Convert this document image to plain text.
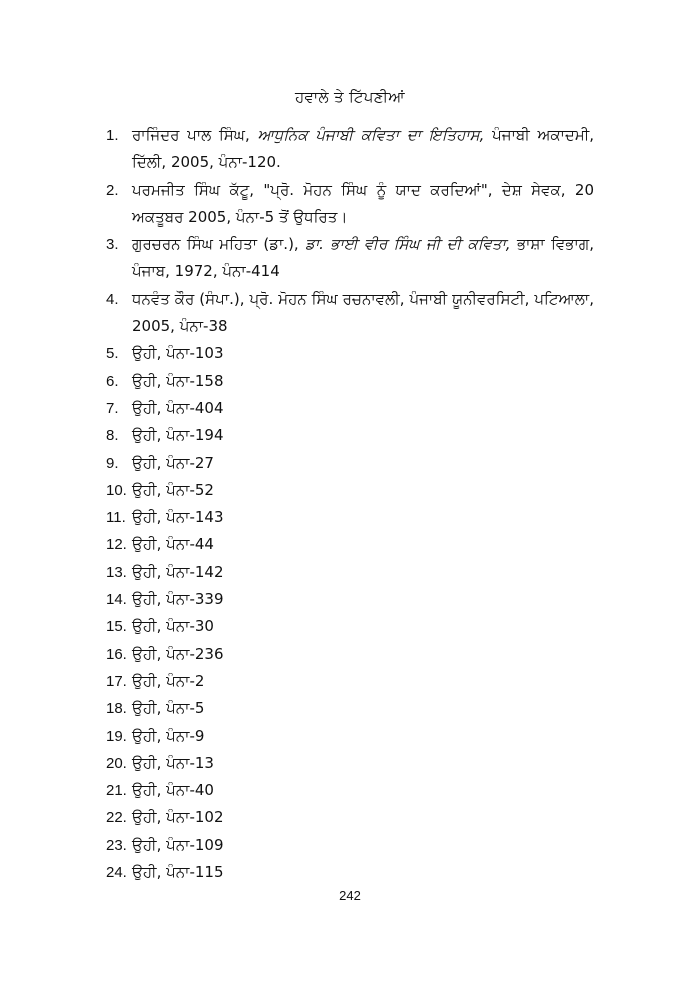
ਹਵਾਲੇ ਤੇ ਟਿੱਪਣੀਆਂ
1. ਰਾਜਿੰਦਰ ਪਾਲ ਸਿੰਘ, ਆਧੁਨਿਕ ਪੰਜਾਬੀ ਕਵਿਤਾ ਦਾ ਇਤਿਹਾਸ, ਪੰਜਾਬੀ ਅਕਾਦਮੀ, ਦਿੱਲੀ, 2005, ਪੰਨਾ-120.
2. ਪਰਮਜੀਤ ਸਿੰਘ ਕੱਟੂ, "ਪ੍ਰੋ. ਮੋਹਨ ਸਿੰਘ ਨੂੰ ਯਾਦ ਕਰਦਿਆਂ", ਦੇਸ਼ ਸੇਵਕ, 20 ਅਕਤੂਬਰ 2005, ਪੰਨਾ-5 ਤੋਂ ਉਧਰਿਤ।
3. ਗੁਰਚਰਨ ਸਿੰਘ ਮਹਿਤਾ (ਡਾ.), ਡਾ. ਭਾਈ ਵੀਰ ਸਿੰਘ ਜੀ ਦੀ ਕਵਿਤਾ, ਭਾਸ਼ਾ ਵਿਭਾਗ, ਪੰਜਾਬ, 1972, ਪੰਨਾ-414
4. ਧਨਵੰਤ ਕੌਰ (ਸੰਪਾ.), ਪ੍ਰੋ. ਮੋਹਨ ਸਿੰਘ ਰਚਨਾਵਲੀ, ਪੰਜਾਬੀ ਯੂਨੀਵਰਸਿਟੀ, ਪਟਿਆਲਾ, 2005, ਪੰਨਾ-38
5. ਉਹੀ, ਪੰਨਾ-103
6. ਉਹੀ, ਪੰਨਾ-158
7. ਉਹੀ, ਪੰਨਾ-404
8. ਉਹੀ, ਪੰਨਾ-194
9. ਉਹੀ, ਪੰਨਾ-27
10. ਉਹੀ, ਪੰਨਾ-52
11. ਉਹੀ, ਪੰਨਾ-143
12. ਉਹੀ, ਪੰਨਾ-44
13. ਉਹੀ, ਪੰਨਾ-142
14. ਉਹੀ, ਪੰਨਾ-339
15. ਉਹੀ, ਪੰਨਾ-30
16. ਉਹੀ, ਪੰਨਾ-236
17. ਉਹੀ, ਪੰਨਾ-2
18. ਉਹੀ, ਪੰਨਾ-5
19. ਉਹੀ, ਪੰਨਾ-9
20. ਉਹੀ, ਪੰਨਾ-13
21. ਉਹੀ, ਪੰਨਾ-40
22. ਉਹੀ, ਪੰਨਾ-102
23. ਉਹੀ, ਪੰਨਾ-109
24. ਉਹੀ, ਪੰਨਾ-115
242
